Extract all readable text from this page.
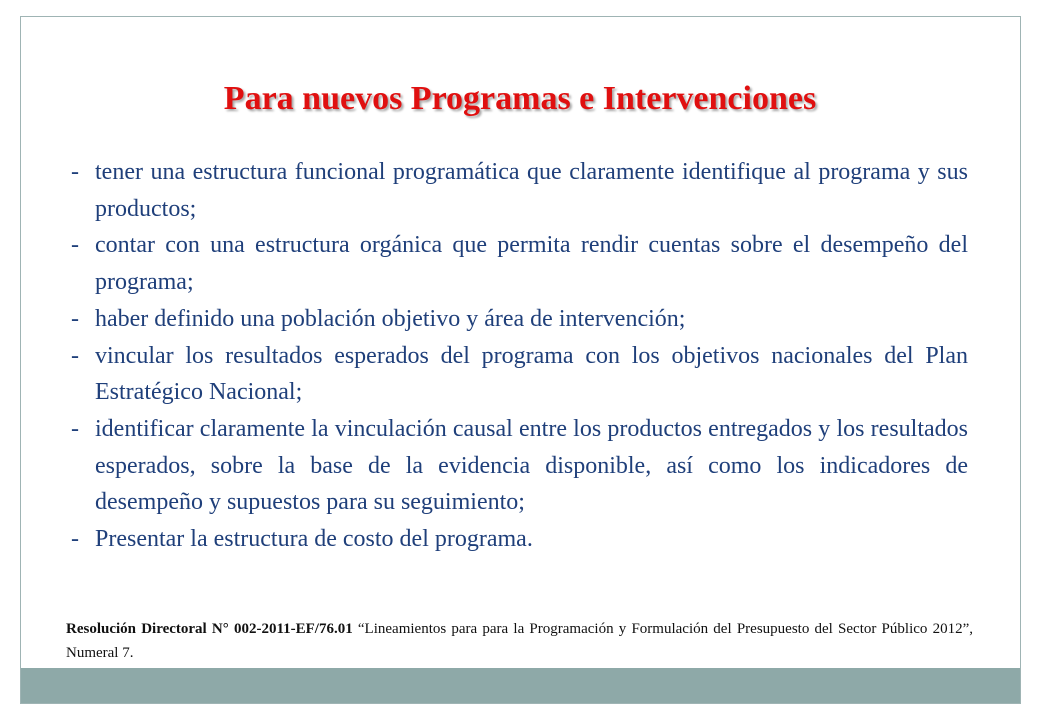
Para nuevos Programas e Intervenciones
- tener una estructura funcional programática que claramente identifique al programa y sus productos;
- contar con una estructura orgánica que permita rendir cuentas sobre el desempeño del programa;
- haber definido una población objetivo y área de intervención;
- vincular los resultados esperados del programa con los objetivos nacionales del Plan Estratégico Nacional;
- identificar claramente la vinculación causal entre los productos entregados y los resultados esperados, sobre la base de la evidencia disponible, así como los indicadores de desempeño y supuestos para su seguimiento;
- Presentar la estructura de costo del programa.

Resolución Directoral N° 002-2011-EF/76.01 “Lineamientos para para la Programación y Formulación del Presupuesto del Sector Público 2012”, Numeral 7.
